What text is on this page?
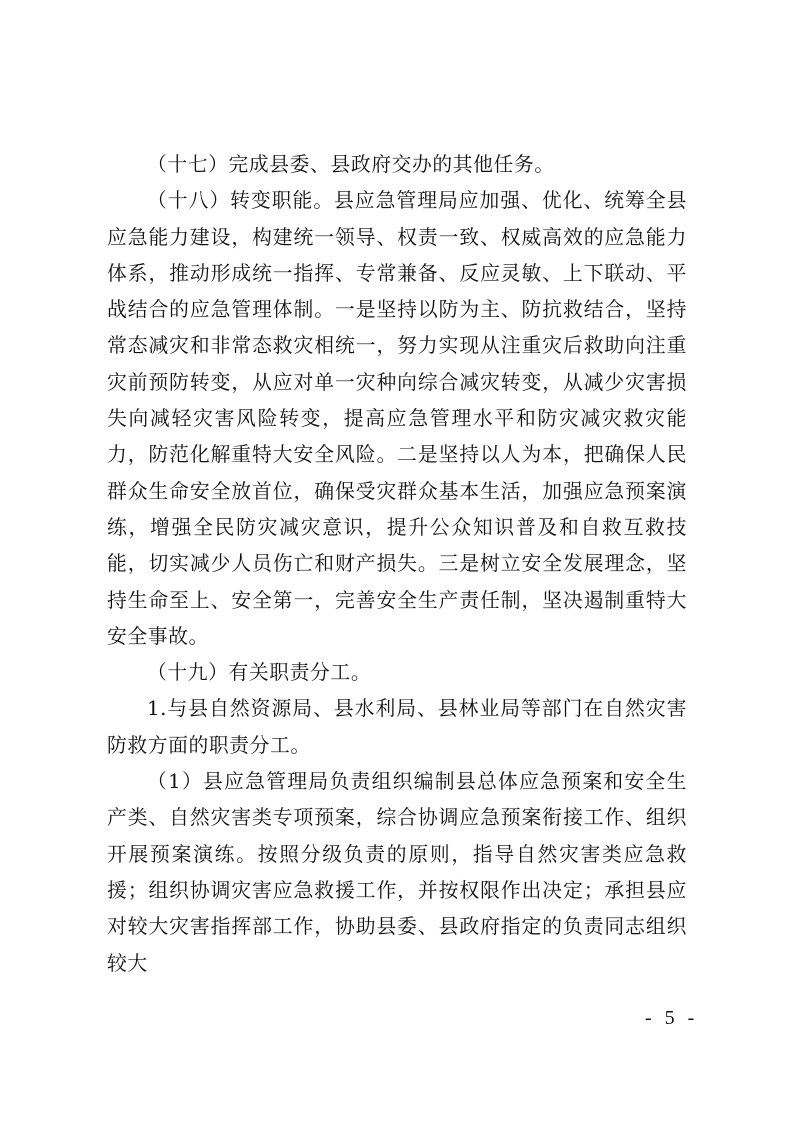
（十七）完成县委、县政府交办的其他任务。

（十八）转变职能。县应急管理局应加强、优化、统筹全县应急能力建设，构建统一领导、权责一致、权威高效的应急能力体系，推动形成统一指挥、专常兼备、反应灵敏、上下联动、平战结合的应急管理体制。一是坚持以防为主、防抗救结合，坚持常态减灾和非常态救灾相统一，努力实现从注重灾后救助向注重灾前预防转变，从应对单一灾种向综合减灾转变，从减少灾害损失向减轻灾害风险转变，提高应急管理水平和防灾减灾救灾能力，防范化解重特大安全风险。二是坚持以人为本，把确保人民群众生命安全放首位，确保受灾群众基本生活，加强应急预案演练，增强全民防灾减灾意识，提升公众知识普及和自救互救技能，切实减少人员伤亡和财产损失。三是树立安全发展理念，坚持生命至上、安全第一，完善安全生产责任制，坚决遏制重特大安全事故。

（十九）有关职责分工。

1.与县自然资源局、县水利局、县林业局等部门在自然灾害防救方面的职责分工。

（1）县应急管理局负责组织编制县总体应急预案和安全生产类、自然灾害类专项预案，综合协调应急预案衔接工作、组织开展预案演练。按照分级负责的原则，指导自然灾害类应急救援；组织协调灾害应急救援工作，并按权限作出决定；承担县应对较大灾害指挥部工作，协助县委、县政府指定的负责同志组织较大

- 5 -
